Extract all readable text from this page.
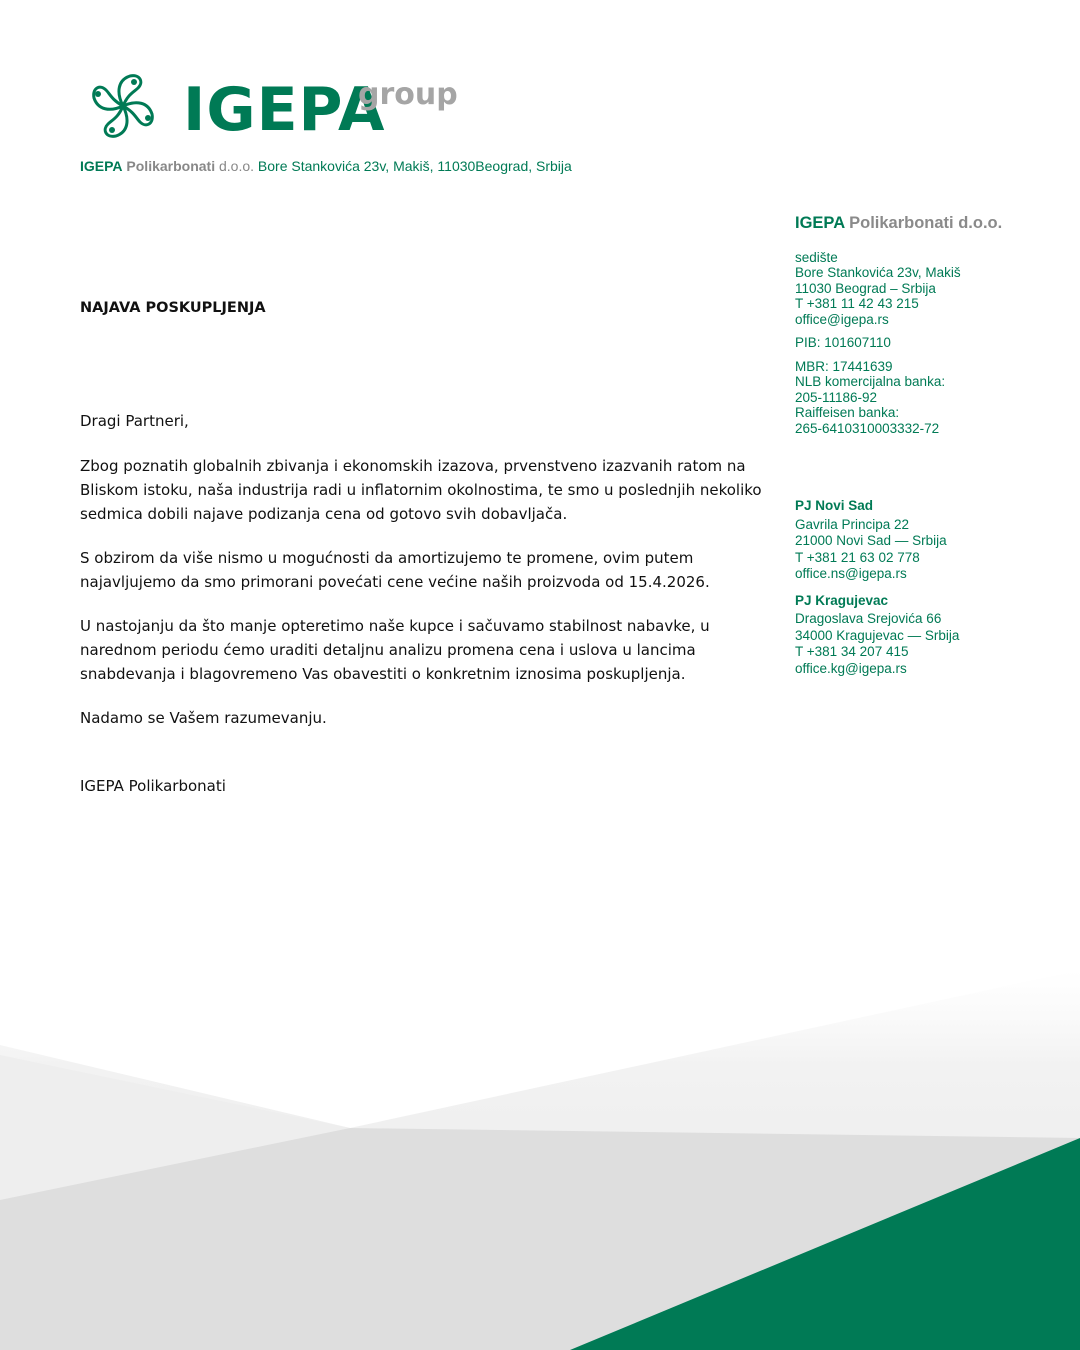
IGEPA
group
IGEPA Polikarbonati d.o.o. Bore Stankovića 23v, Makiš, 11030Beograd, Srbija
IGEPA Polikarbonati d.o.o.
sedište
Bore Stankovića 23v, Makiš
11030 Beograd – Srbija
T +381 11 42 43 215
office@igepa.rs
PIB: 101607110
MBR: 17441639
NLB komercijalna banka:
205-11186-92
Raiffeisen banka:
265-6410310003332-72
PJ Novi Sad
Gavrila Principa 22
21000 Novi Sad — Srbija
T +381 21 63 02 778
office.ns@igepa.rs
PJ Kragujevac
Dragoslava Srejovića 66
34000 Kragujevac — Srbija
T +381 34 207 415
office.kg@igepa.rs
NAJAVA POSKUPLJENJA
Dragi Partneri,
Zbog poznatih globalnih zbivanja i ekonomskih izazova, prvenstveno izazvanih ratom na Bliskom istoku, naša industrija radi u inflatornim okolnostima, te smo u poslednjih nekoliko sedmica dobili najave podizanja cena od gotovo svih dobavljača.
S obzirom da više nismo u mogućnosti da amortizujemo te promene, ovim putem najavljujemo da smo primorani povećati cene većine naših proizvoda od 15.4.2026.
U nastojanju da što manje opteretimo naše kupce i sačuvamo stabilnost nabavke, u narednom periodu ćemo uraditi detaljnu analizu promena cena i uslova u lancima snabdevanja i blagovremeno Vas obavestiti o konkretnim iznosima poskupljenja.
Nadamo se Vašem razumevanju.
IGEPA Polikarbonati
